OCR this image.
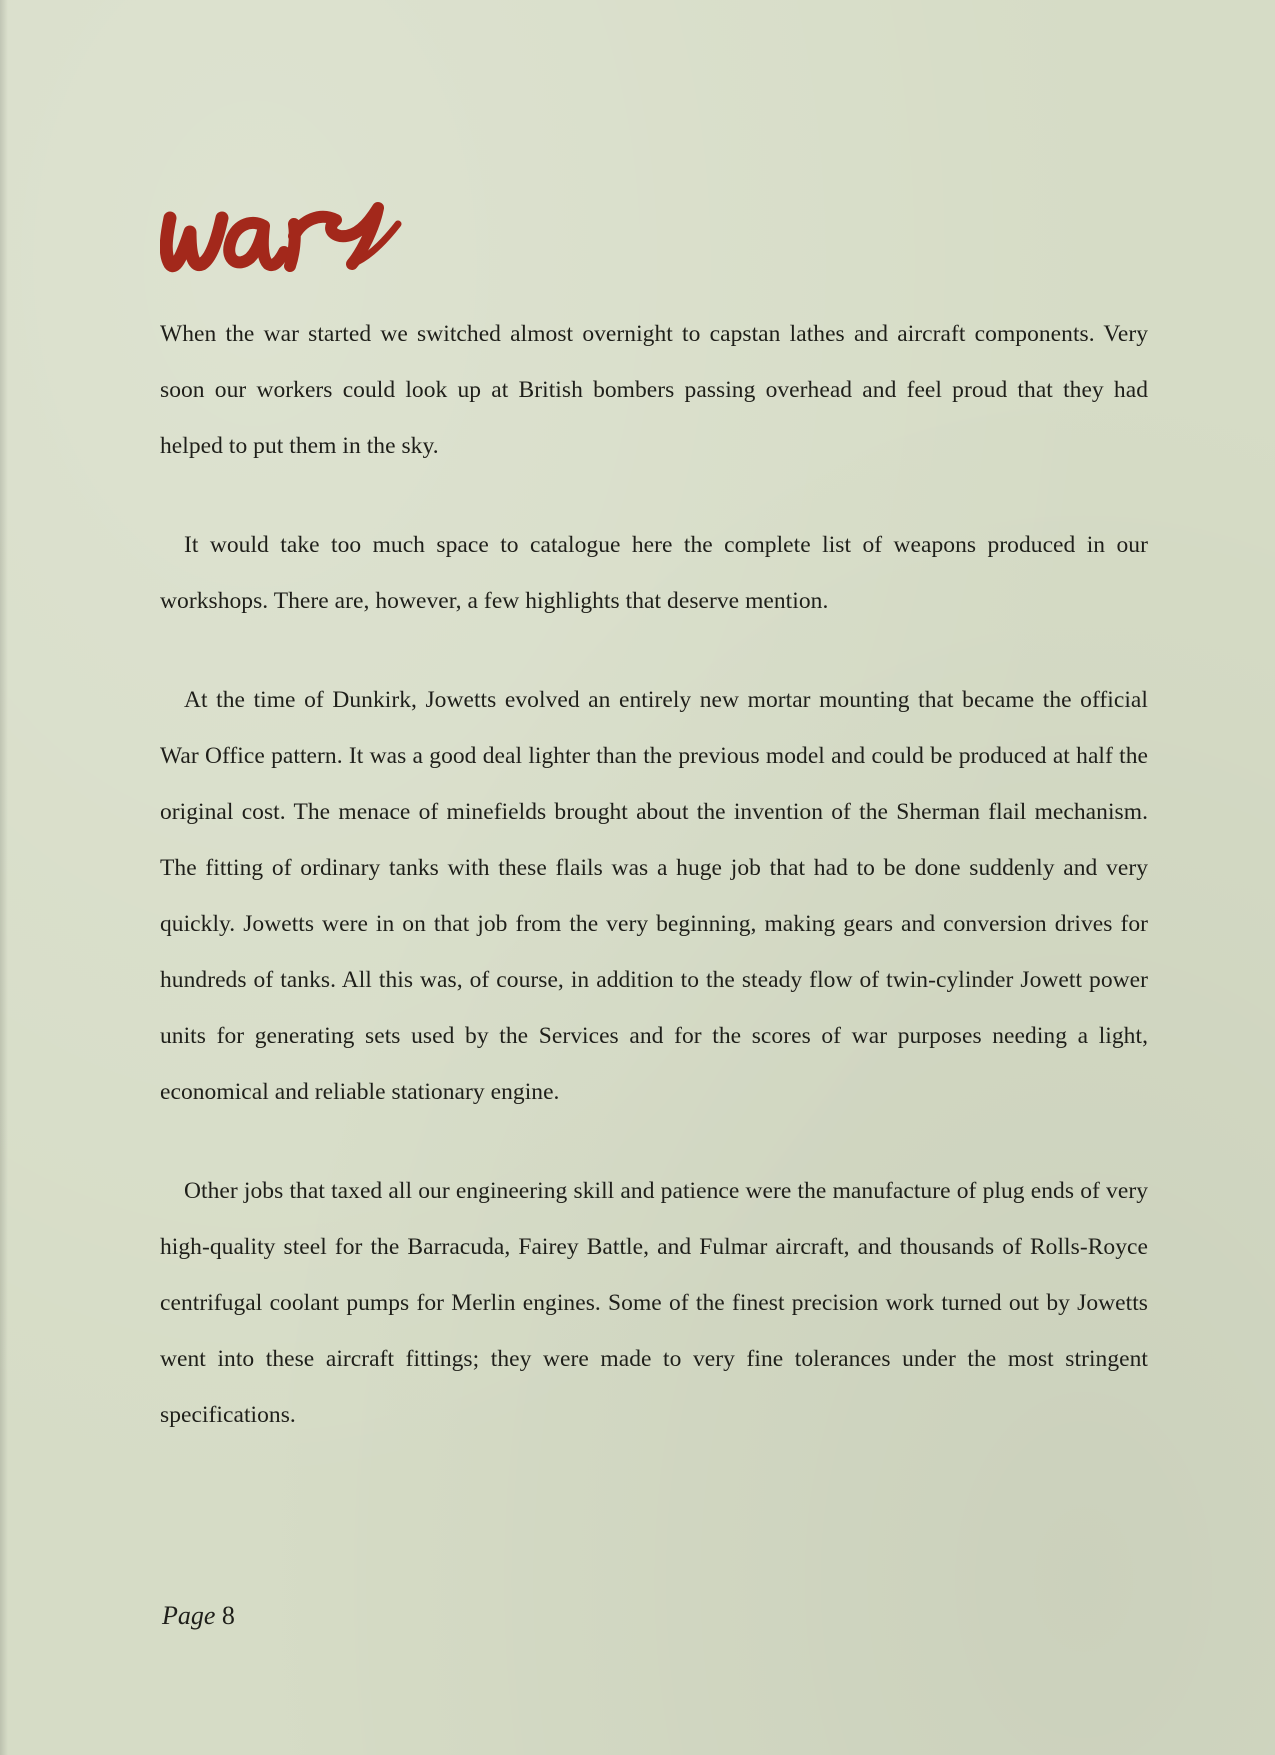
When the war started we switched almost overnight to capstan lathes and aircraft components. Very soon our workers could look up at British bombers passing overhead and feel proud that they had helped to put them in the sky.

It would take too much space to catalogue here the complete list of weapons produced in our workshops. There are, however, a few highlights that deserve mention.

At the time of Dunkirk, Jowetts evolved an entirely new mortar mounting that became the official War Office pattern. It was a good deal lighter than the previous model and could be produced at half the original cost. The menace of minefields brought about the invention of the Sherman flail mechanism. The fitting of ordinary tanks with these flails was a huge job that had to be done suddenly and very quickly. Jowetts were in on that job from the very beginning, making gears and conversion drives for hundreds of tanks. All this was, of course, in addition to the steady flow of twin-cylinder Jowett power units for generating sets used by the Services and for the scores of war purposes needing a light, economical and reliable stationary engine.

Other jobs that taxed all our engineering skill and patience were the manufacture of plug ends of very high-quality steel for the Barracuda, Fairey Battle, and Fulmar aircraft, and thousands of Rolls-Royce centrifugal coolant pumps for Merlin engines. Some of the finest precision work turned out by Jowetts went into these aircraft fittings; they were made to very fine tolerances under the most stringent specifications.

Page 8
